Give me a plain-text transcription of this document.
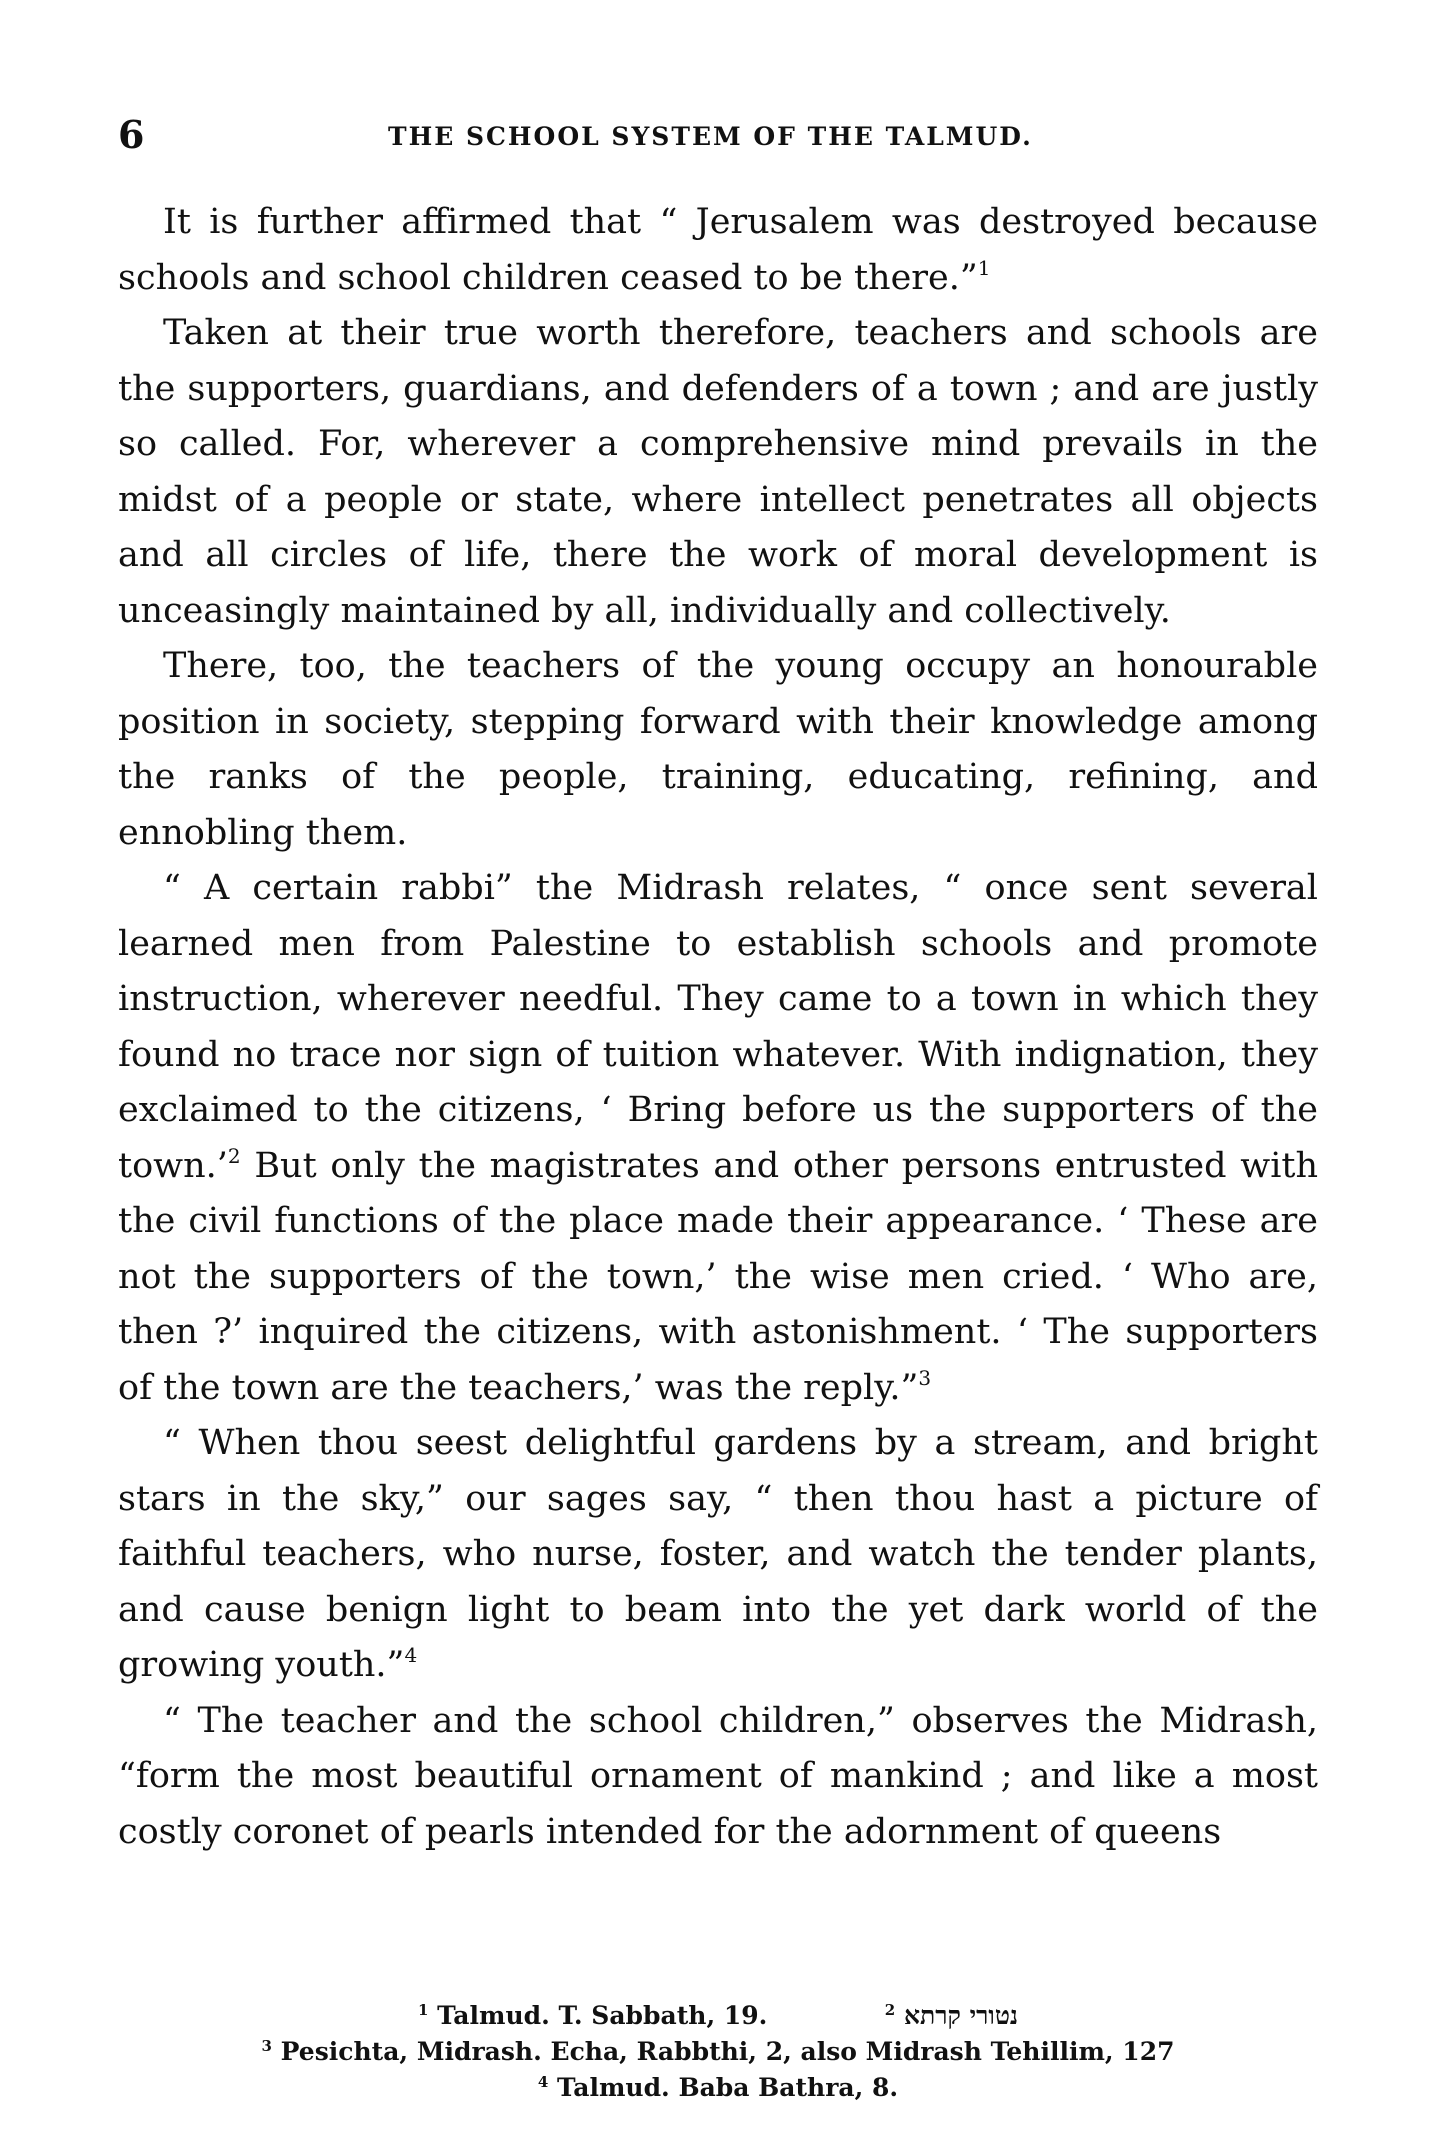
6	THE SCHOOL SYSTEM OF THE TALMUD.

It is further affirmed that “ Jerusalem was destroyed because schools and school children ceased to be there.”$^1$

Taken at their true worth therefore, teachers and schools are the supporters, guardians, and defenders of a town ; and are justly so called. For, wherever a comprehensive mind prevails in the midst of a people or state, where intellect penetrates all objects and all circles of life, there the work of moral development is unceasingly maintained by all, individually and collectively.

There, too, the teachers of the young occupy an honourable position in society, stepping forward with their knowledge among the ranks of the people, training, educating, refining, and ennobling them.

“ A certain rabbi” the Midrash relates, “ once sent several learned men from Palestine to establish schools and promote instruction, wherever needful. They came to a town in which they found no trace nor sign of tuition whatever. With indignation, they exclaimed to the citizens, ‘ Bring before us the supporters of the town.’$^2$ But only the magistrates and other persons entrusted with the civil functions of the place made their appearance. ‘ These are not the supporters of the town,’ the wise men cried. ‘ Who are, then ?’ inquired the citizens, with astonishment. ‘ The supporters of the town are the teachers,’ was the reply.”$^3$

“ When thou seest delightful gardens by a stream, and bright stars in the sky,” our sages say, “ then thou hast a picture of faithful teachers, who nurse, foster, and watch the tender plants, and cause benign light to beam into the yet dark world of the growing youth.”$^4$

“ The teacher and the school children,” observes the Midrash, “form the most beautiful ornament of mankind ; and like a most costly coronet of pearls intended for the adornment of queens

$^1$ Talmud. T. Sabbath, 19.	$^2$ נטורי קרתא
$^3$ Pesichta, Midrash. Echa, Rabbthi, 2, also Midrash Tehillim, 127
$^4$ Talmud. Baba Bathra, 8.
